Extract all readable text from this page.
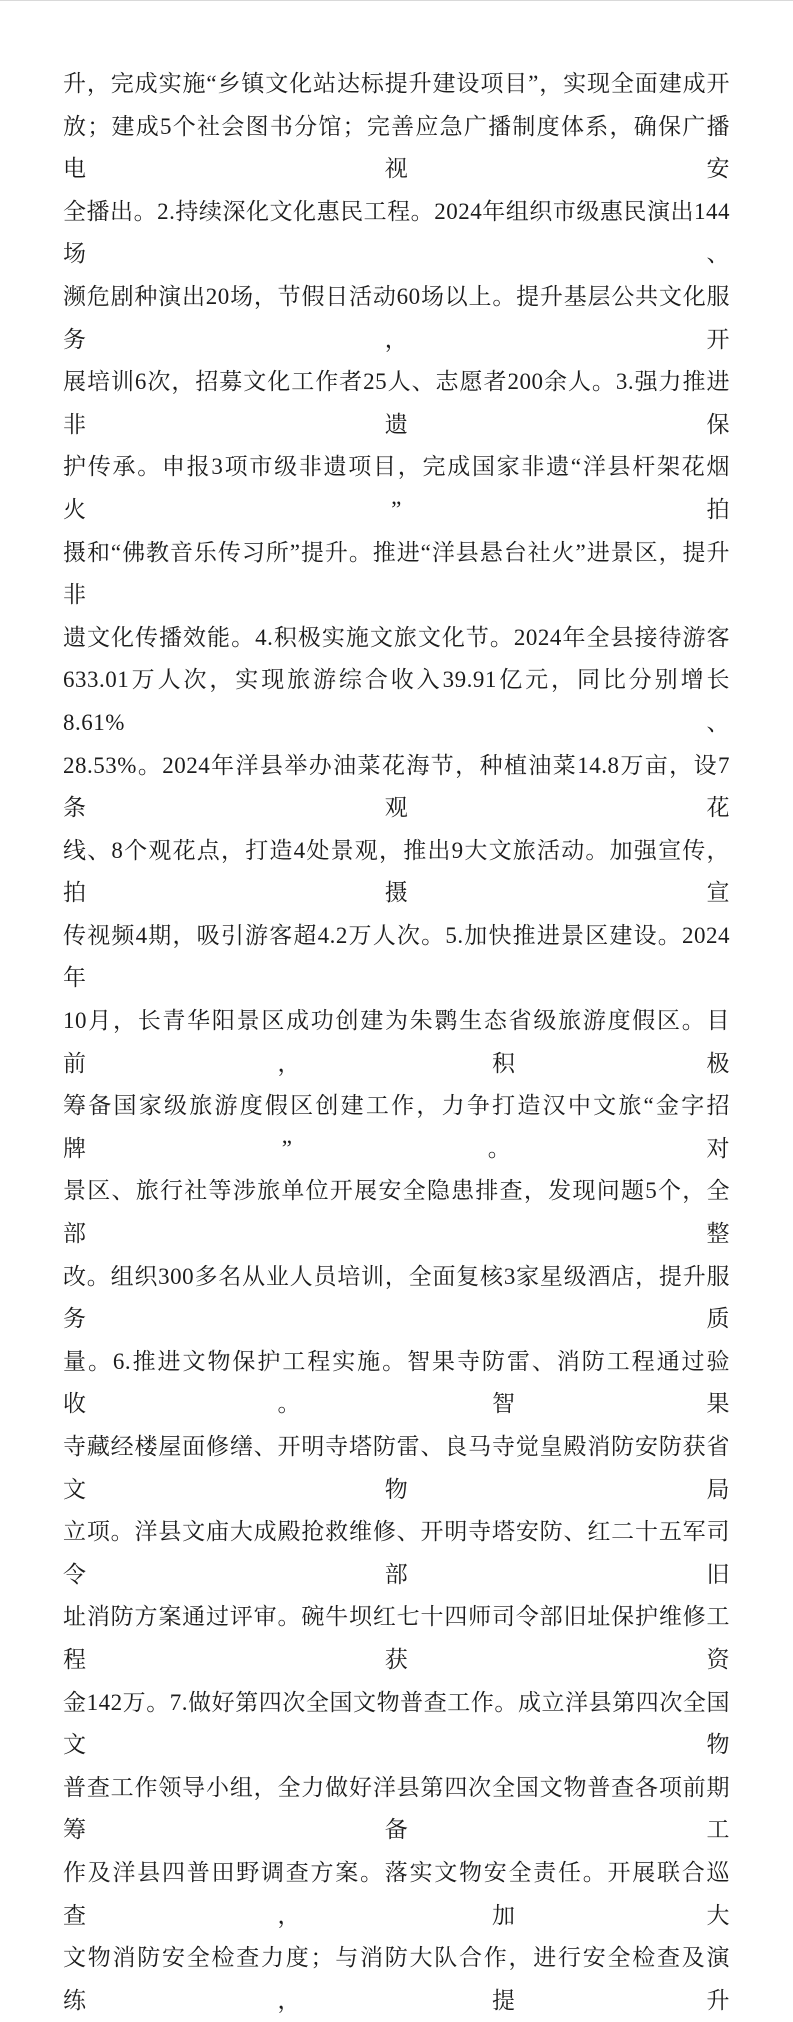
升，完成实施“乡镇文化站达标提升建设项目”，实现全面建成开
放；建成5个社会图书分馆；完善应急广播制度体系，确保广播电视安
全播出。2.持续深化文化惠民工程。2024年组织市级惠民演出144场、
濒危剧种演出20场，节假日活动60场以上。提升基层公共文化服务，开
展培训6次，招募文化工作者25人、志愿者200余人。3.强力推进非遗保
护传承。申报3项市级非遗项目，完成国家非遗“洋县杆架花烟火”拍
摄和“佛教音乐传习所”提升。推进“洋县悬台社火”进景区，提升非
遗文化传播效能。4.积极实施文旅文化节。2024年全县接待游客
633.01万人次，实现旅游综合收入39.91亿元，同比分别增长8.61%、
28.53%。2024年洋县举办油菜花海节，种植油菜14.8万亩，设7条观花
线、8个观花点，打造4处景观，推出9大文旅活动。加强宣传，拍摄宣
传视频4期，吸引游客超4.2万人次。5.加快推进景区建设。2024年
10月，长青华阳景区成功创建为朱鹮生态省级旅游度假区。目前，积极
筹备国家级旅游度假区创建工作，力争打造汉中文旅“金字招牌”。对
景区、旅行社等涉旅单位开展安全隐患排查，发现问题5个，全部整
改。组织300多名从业人员培训，全面复核3家星级酒店，提升服务质
量。6.推进文物保护工程实施。智果寺防雷、消防工程通过验收。智果
寺藏经楼屋面修缮、开明寺塔防雷、良马寺觉皇殿消防安防获省文物局
立项。洋县文庙大成殿抢救维修、开明寺塔安防、红二十五军司令部旧
址消防方案通过评审。碗牛坝红七十四师司令部旧址保护维修工程获资
金142万。7.做好第四次全国文物普查工作。成立洋县第四次全国文物
普查工作领导小组，全力做好洋县第四次全国文物普查各项前期筹备工
作及洋县四普田野调查方案。落实文物安全责任。开展联合巡查，加大
文物消防安全检查力度；与消防大队合作，进行安全检查及演练，提升
